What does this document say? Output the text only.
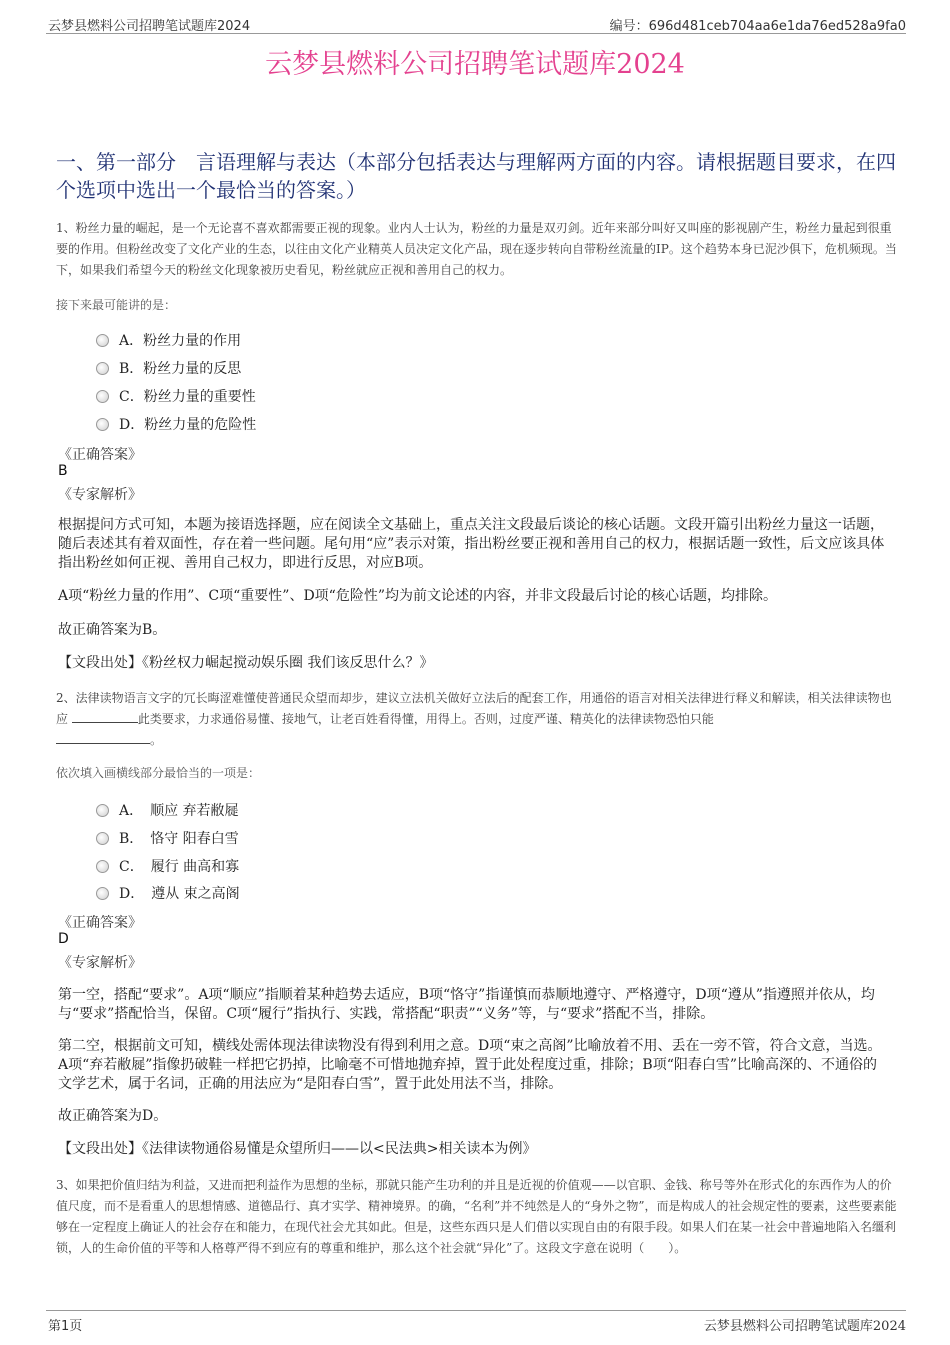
云梦县燃料公司招聘笔试题库2024	编号：696d481ceb704aa6e1da76ed528a9fa0
云梦县燃料公司招聘笔试题库2024
一、第一部分　言语理解与表达（本部分包括表达与理解两方面的内容。请根据题目要求，在四个选项中选出一个最恰当的答案。）
1、粉丝力量的崛起，是一个无论喜不喜欢都需要正视的现象。业内人士认为，粉丝的力量是双刃剑。近年来部分叫好又叫座的影视剧产生，粉丝力量起到很重要的作用。但粉丝改变了文化产业的生态，以往由文化产业精英人员决定文化产品，现在逐步转向自带粉丝流量的IP。这个趋势本身已泥沙俱下，危机频现。当下，如果我们希望今天的粉丝文化现象被历史看见，粉丝就应正视和善用自己的权力。
接下来最可能讲的是：
A．粉丝力量的作用
B．粉丝力量的反思
C．粉丝力量的重要性
D．粉丝力量的危险性
《正确答案》
B
《专家解析》
根据提问方式可知，本题为接语选择题，应在阅读全文基础上，重点关注文段最后谈论的核心话题。文段开篇引出粉丝力量这一话题，随后表述其有着双面性，存在着一些问题。尾句用“应”表示对策，指出粉丝要正视和善用自己的权力，根据话题一致性，后文应该具体指出粉丝如何正视、善用自己权力，即进行反思，对应B项。
A项“粉丝力量的作用”、C项“重要性”、D项“危险性”均为前文论述的内容，并非文段最后讨论的核心话题，均排除。
故正确答案为B。
【文段出处】《粉丝权力崛起搅动娱乐圈 我们该反思什么？》
2、法律读物语言文字的冗长晦涩难懂使普通民众望而却步，建议立法机关做好立法后的配套工作，用通俗的语言对相关法律进行释义和解读，相关法律读物也应	此类要求，力求通俗易懂、接地气，让老百姓看得懂，用得上。否则，过度严谨、精英化的法律读物恐怕只能
。
依次填入画横线部分最恰当的一项是：
A．　顺应 弃若敝屣
B．　恪守 阳春白雪
C．　履行 曲高和寡
D．　遵从 束之高阁
《正确答案》
D
《专家解析》
第一空，搭配“要求”。A项“顺应”指顺着某种趋势去适应，B项“恪守”指谨慎而恭顺地遵守、严格遵守，D项“遵从”指遵照并依从，均与“要求”搭配恰当，保留。C项“履行”指执行、实践，常搭配“职责”“义务”等，与“要求”搭配不当，排除。
第二空，根据前文可知，横线处需体现法律读物没有得到利用之意。D项“束之高阁”比喻放着不用、丢在一旁不管，符合文意，当选。A项“弃若敝屣”指像扔破鞋一样把它扔掉，比喻毫不可惜地抛弃掉，置于此处程度过重，排除；B项“阳春白雪”比喻高深的、不通俗的文学艺术，属于名词，正确的用法应为“是阳春白雪”，置于此处用法不当，排除。
故正确答案为D。
【文段出处】《法律读物通俗易懂是众望所归——以<民法典>相关读本为例》
3、如果把价值归结为利益，又进而把利益作为思想的坐标，那就只能产生功利的并且是近视的价值观——以官职、金钱、称号等外在形式化的东西作为人的价值尺度，而不是看重人的思想情感、道德品行、真才实学、精神境界。的确，“名利”并不纯然是人的“身外之物”，而是构成人的社会规定性的要素，这些要素能够在一定程度上确证人的社会存在和能力，在现代社会尤其如此。但是，这些东西只是人们借以实现自由的有限手段。如果人们在某一社会中普遍地陷入名缰利锁，人的生命价值的平等和人格尊严得不到应有的尊重和维护，那么这个社会就“异化”了。这段文字意在说明（　　）。
第1页	云梦县燃料公司招聘笔试题库2024
